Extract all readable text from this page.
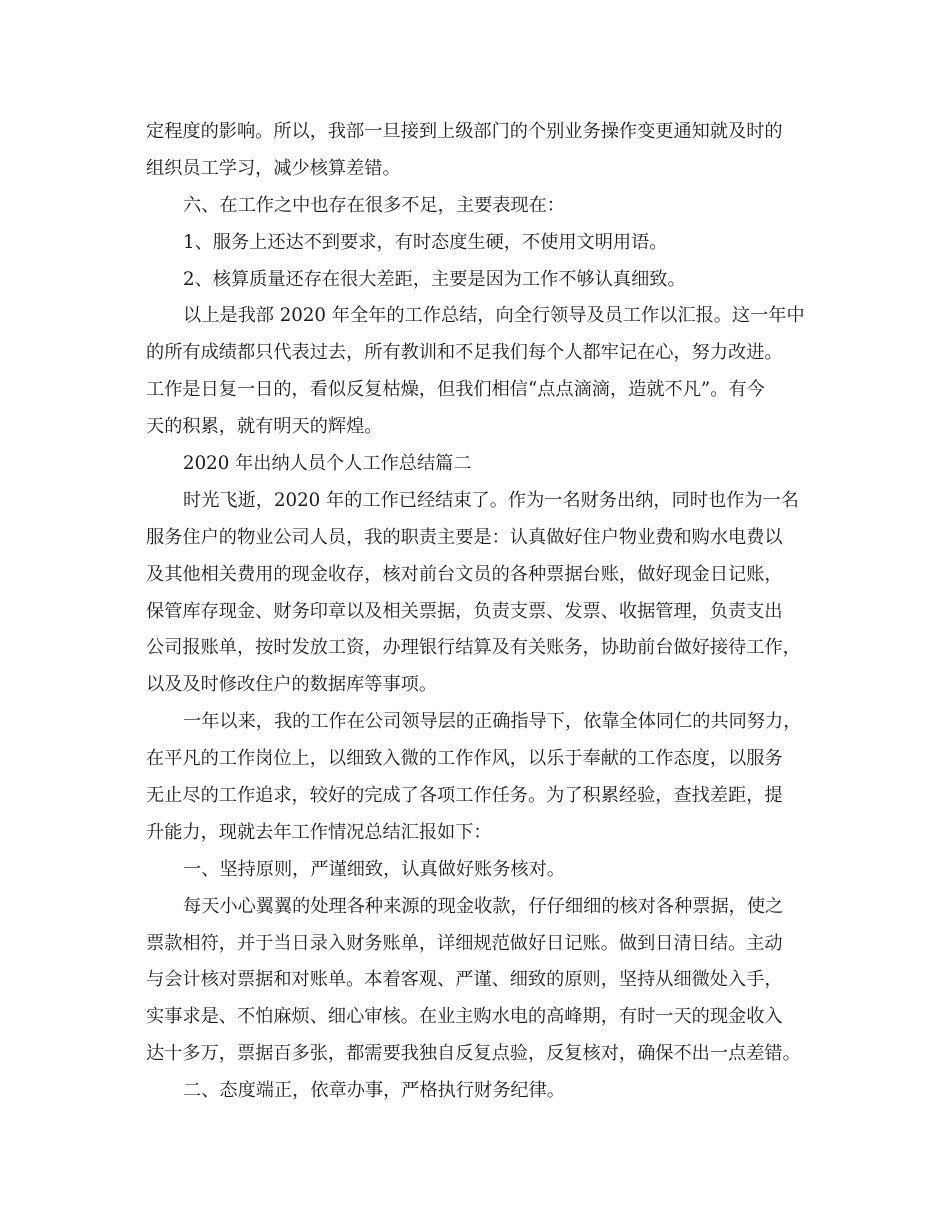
定程度的影响。所以，我部一旦接到上级部门的个别业务操作变更通知就及时的
组织员工学习，减少核算差错。
六、在工作之中也存在很多不足，主要表现在：
1、服务上还达不到要求，有时态度生硬，不使用文明用语。
2、核算质量还存在很大差距，主要是因为工作不够认真细致。
以上是我部 2020 年全年的工作总结，向全行领导及员工作以汇报。这一年中
的所有成绩都只代表过去，所有教训和不足我们每个人都牢记在心，努力改进。
工作是日复一日的，看似反复枯燥，但我们相信“点点滴滴，造就不凡”。有今
天的积累，就有明天的辉煌。
2020 年出纳人员个人工作总结篇二
时光飞逝，2020 年的工作已经结束了。作为一名财务出纳，同时也作为一名
服务住户的物业公司人员，我的职责主要是：认真做好住户物业费和购水电费以
及其他相关费用的现金收存，核对前台文员的各种票据台账，做好现金日记账，
保管库存现金、财务印章以及相关票据，负责支票、发票、收据管理，负责支出
公司报账单，按时发放工资，办理银行结算及有关账务，协助前台做好接待工作，
以及及时修改住户的数据库等事项。
一年以来，我的工作在公司领导层的正确指导下，依靠全体同仁的共同努力，
在平凡的工作岗位上，以细致入微的工作作风，以乐于奉献的工作态度，以服务
无止尽的工作追求，较好的完成了各项工作任务。为了积累经验，查找差距，提
升能力，现就去年工作情况总结汇报如下：
一、坚持原则，严谨细致，认真做好账务核对。
每天小心翼翼的处理各种来源的现金收款，仔仔细细的核对各种票据，使之
票款相符，并于当日录入财务账单，详细规范做好日记账。做到日清日结。主动
与会计核对票据和对账单。本着客观、严谨、细致的原则，坚持从细微处入手，
实事求是、不怕麻烦、细心审核。在业主购水电的高峰期，有时一天的现金收入
达十多万，票据百多张，都需要我独自反复点验，反复核对，确保不出一点差错。
二、态度端正，依章办事，严格执行财务纪律。
